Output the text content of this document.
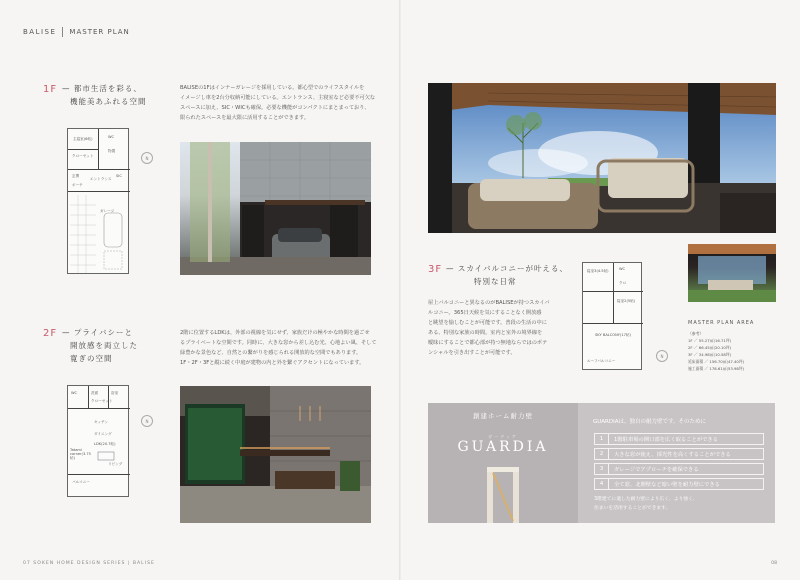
BALISE MASTER PLAN
1F — 都市生活を彩る、
機能美あふれる空間
BALISEの1Fはインナーガレージを採用している。都心型でのライフスタイルを
イメージし車を2台分収納可能にしている。エントランス、主寝室など必要不可欠な
スペースに加え、SIC・WICも確保。必要な機能がコンパクトにまとまっており、
限られたスペースを最大限に活用することができます。
主寝室(6帖)	WC
物置
クローゼット
エントランス
SIC
玄関
ポーチ
ガレージ
N
2F — プライバシーと
開放感を両立した
寛ぎの空間
2階に位置するLDKは、外部の視線を気にせず、家族だけの極やかな時間を過ごせ
るプライベートな空間です。同時に、大きな窓から差し込む光、心地よい風、そして
緑豊かな景色など、自然との繋がりを感じられる開放的な空間でもあります。
1F・2F・3Fと縦に続く中庭が建物の内と外を繋ぐアクセントになっています。
WC	洗面	浴室
クローゼット
キッチン
ダイニング
LDK(20.7帖)
Tatami corner(3.75帖)
バルコニー
リビング
N
07 SOKEN HOME DESIGN SERIES | BALISE
3F — スカイバルコニーが叶える、
特別な日常
屋上バルコニーと異なるのがBALISEが持つスカイバ
ルコニー。365日天候を気にすることなく開放感
と眺望を愉しむことが可能です。普段の生活の中に
ある、特別な家族の時間。室内と室外の境界線を
曖昧にすることで都心部が持つ無地ならではのポテ
ンシャルを引き出すことが可能です。
寝室3(4.5帖)	WC
寝室2(5帖)
クロ
SKY BALCONY(17帖)
ルーフバルコニー
N
MASTER PLAN AREA
（参考）
1F ／ 55.27㎡(16.71坪)
2F ／ 66.45㎡(20.10坪)
3F ／ 34.98㎡(10.58坪)
延床面積 ／ 156.70㎡(47.40坪)
施工面積 ／ 178.61㎡(53.98坪)
創建ホーム耐力壁
ガーディア
GUARDIA
GUARDIAは、独自の耐力壁です。そのために
1	1階駐車場の開口部を広く取ることができる
2	大きな窓が使え、採光性を高くすることができる
3	ガレージでアプローチを確保できる
4	全て窓、北開壁など暗い壁を耐力壁にできる
3階建てに適した耐力壁により広く、より強く、
住まいを活用することができます。
08
